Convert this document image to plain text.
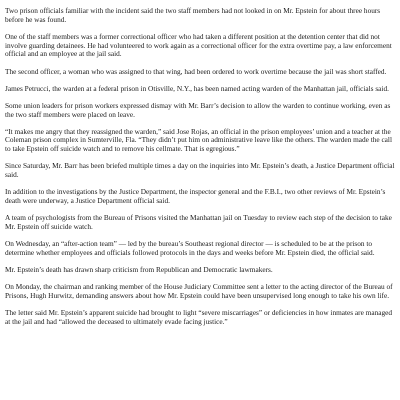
Two prison officials familiar with the incident said the two staff members had not looked in on Mr. Epstein for about three hours before he was found.

One of the staff members was a former correctional officer who had taken a different position at the detention center that did not involve guarding detainees. He had volunteered to work again as a correctional officer for the extra overtime pay, a law enforcement official and an employee at the jail said.

The second officer, a woman who was assigned to that wing, had been ordered to work overtime because the jail was short staffed.

James Petrucci, the warden at a federal prison in Otisville, N.Y., has been named acting warden of the Manhattan jail, officials said.

Some union leaders for prison workers expressed dismay with Mr. Barr’s decision to allow the warden to continue working, even as the two staff members were placed on leave.

“It makes me angry that they reassigned the warden,” said Jose Rojas, an official in the prison employees’ union and a teacher at the Coleman prison complex in Sumterville, Fla. “They didn’t put him on administrative leave like the others. The warden made the call to take Epstein off suicide watch and to remove his cellmate. That is egregious.”

Since Saturday, Mr. Barr has been briefed multiple times a day on the inquiries into Mr. Epstein’s death, a Justice Department official said.

In addition to the investigations by the Justice Department, the inspector general and the F.B.I., two other reviews of Mr. Epstein’s death were underway, a Justice Department official said.

A team of psychologists from the Bureau of Prisons visited the Manhattan jail on Tuesday to review each step of the decision to take Mr. Epstein off suicide watch.

On Wednesday, an “after-action team” — led by the bureau’s Southeast regional director — is scheduled to be at the prison to determine whether employees and officials followed protocols in the days and weeks before Mr. Epstein died, the official said.

Mr. Epstein’s death has drawn sharp criticism from Republican and Democratic lawmakers.

On Monday, the chairman and ranking member of the House Judiciary Committee sent a letter to the acting director of the Bureau of Prisons, Hugh Hurwitz, demanding answers about how Mr. Epstein could have been unsupervised long enough to take his own life.

The letter said Mr. Epstein’s apparent suicide had brought to light “severe miscarriages” or deficiencies in how inmates are managed at the jail and had “allowed the deceased to ultimately evade facing justice.”
